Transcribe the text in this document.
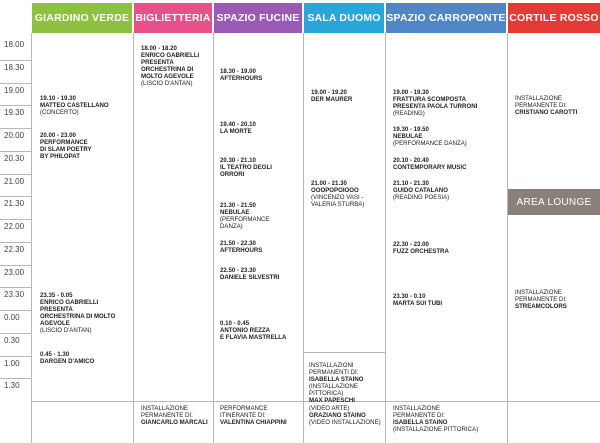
GIARDINO VERDE BIGLIETTERIA SPAZIO FUCINE SALA DUOMO SPAZIO CARROPONTE CORTILE ROSSO
18.00
18.30
19.00
19.30
20.00
20.30
21.00
21.30
22.00
22.30
23.00
23.30
0.00
0.30
1.00
1.30
AREA LOUNGE
19.10 - 19.30
MATTEO CASTELLANO
(CONCERTO)
20.00 - 23.00
PERFORMANCE
DI SLAM POETRY
BY PHILOPAT
23.35 - 0.05
ENRICO GABRIELLI
PRESENTA
ORCHESTRINA DI MOLTO
AGEVOLE
(LISCIO D'ANTAN)
0.45 - 1.30
DARGEN D'AMICO
18.00 - 18.20
ENRICO GABRIELLI
PRESENTA
ORCHESTRINA DI
MOLTO AGEVOLE
(LISCIO D'ANTAN)
18.30 - 19.00
AFTERHOURS
19.40 - 20.10
LA MORTE
20.30 - 21.10
IL TEATRO DEGLI
ORRORI
21.30 - 21.50
NEBULAE
(PERFORMANCE
DANZA)
21.50 - 22.30
AFTERHOURS
22.50 - 23.30
DANIELE SILVESTRI
0.10 - 0.45
ANTONIO REZZA
E FLAVIA MASTRELLA
19.00 - 19.20
DER MAURER
21.00 - 21.30
OOOPOPOIOOO
(VINCENZO VASI -
VALERIA STURBA)
19.00 - 19.30
FRATTURA SCOMPOSTA
PRESENTA PAOLA TURRONI
(READING)
19.30 - 19.50
NEBULAE
(PERFORMANCE DANZA)
20.10 - 20.40
CONTEMPORARY MUSIC
21.10 - 21.30
GUIDO CATALANO
(READING POESIA)
22.30 - 23.00
FUZZ ORCHESTRA
23.30 - 0.10
MARTA SUI TUBI
INSTALLAZIONE
PERMANENTE DI:
CRISTIANO CAROTTI
INSTALLAZIONE
PERMANENTE DI:
STREAMCOLORS
INSTALLAZIONI
PERMANENTI DI:
ISABELLA STAINO
(INSTALLAZIONE
PITTORICA)
MAX PAPESCHI
(VIDEO ARTE)
GRAZIANO STAINO
(VIDEO INSTALLAZIONE)
INSTALLAZIONE
PERMANENTE DI:
GIANCARLO MARCALI
PERFORMANCE
ITINERANTE DI:
VALENTINA CHIAPPINI
INSTALLAZIONE
PERMANENTE DI:
ISABELLA STAINO
(INSTALLAZIONE PITTORICA)
